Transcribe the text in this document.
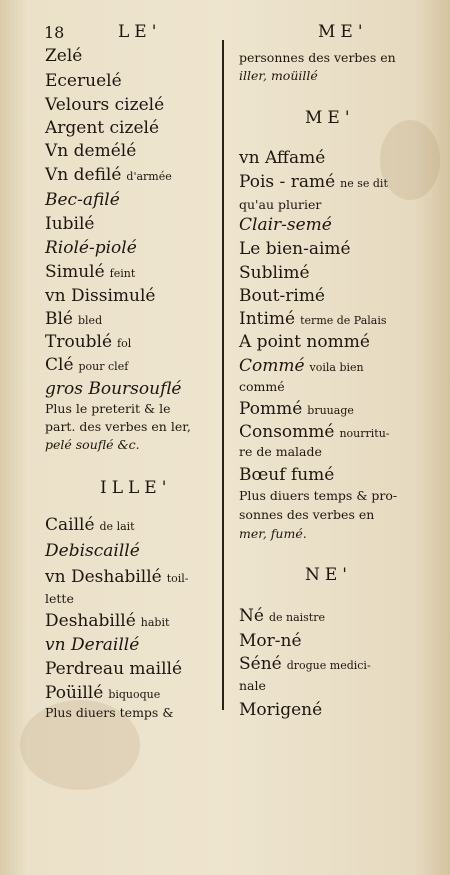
18	LE'	ME'
Zelé
Eceruelé
Velours cizelé
Argent cizelé
Vn demélé
Vn defilé d'armée
Bec-afilé
Iubilé
Riolé-piolé
Simulé feint
vn Dissimulé
Blé bled
Troublé fol
Clé pour clef
gros Boursouflé
Plus le preterit & le
part. des verbes en ler,
pelé souflé &c.
ILLE'
Caillé de lait
Debiscaillé
vn Deshabillé toil-
lette
Deshabillé habit
vn Deraillé
Perdreau maillé
Poüillé biquoque
Plus diuers temps &
personnes des verbes en
iller, moüillé
ME'
vn Affamé
Pois - ramé ne se dit
qu'au plurier
Clair-semé
Le bien-aimé
Sublimé
Bout-rimé
Intimé terme de Palais
A point nommé
Commé voila bien
commé
Pommé bruuage
Consommé nourritu-
re de malade
Bœuf fumé
Plus diuers temps & pro-
sonnes des verbes en
mer, fumé.
NE'
Né de naistre
Mor-né
Séné drogue medici-
nale
Morigené
